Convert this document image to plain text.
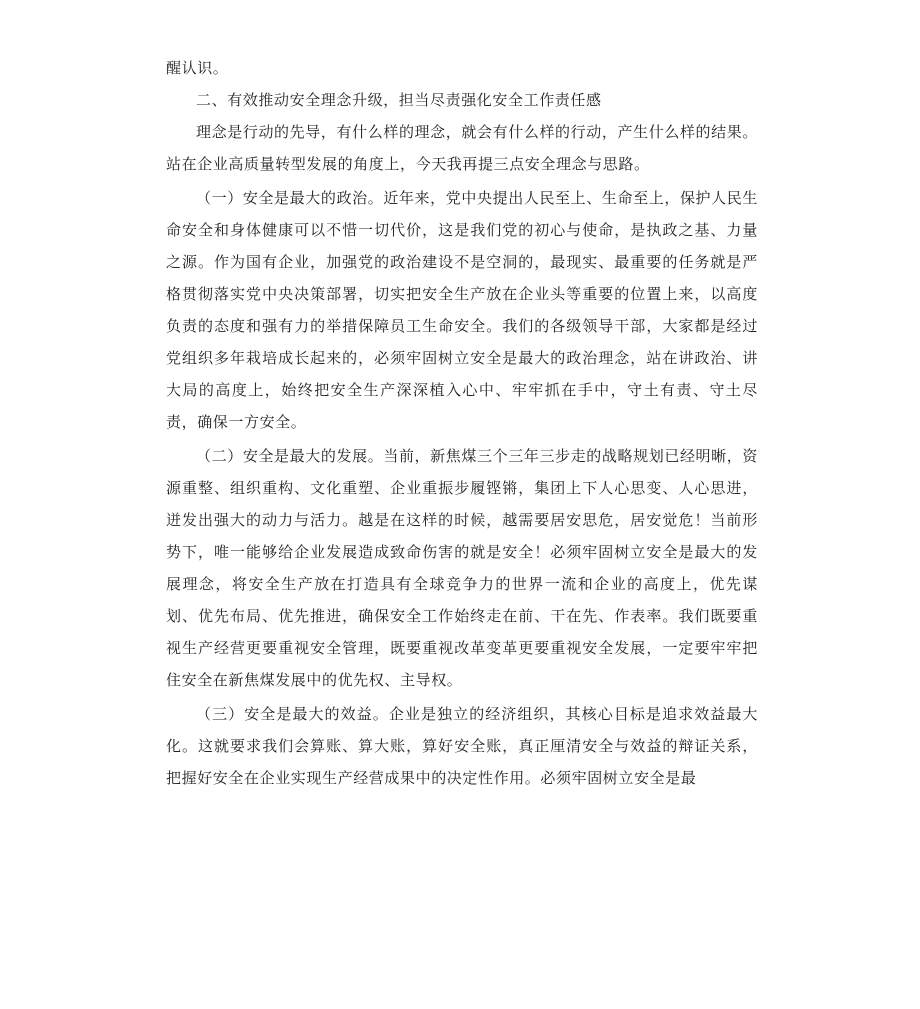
醒认识。

二、有效推动安全理念升级，担当尽责强化安全工作责任感

理念是行动的先导，有什么样的理念，就会有什么样的行动，产生什么样的结果。站在企业高质量转型发展的角度上，今天我再提三点安全理念与思路。

（一）安全是最大的政治。近年来，党中央提出人民至上、生命至上，保护人民生命安全和身体健康可以不惜一切代价，这是我们党的初心与使命，是执政之基、力量之源。作为国有企业，加强党的政治建设不是空洞的，最现实、最重要的任务就是严格贯彻落实党中央决策部署，切实把安全生产放在企业头等重要的位置上来，以高度负责的态度和强有力的举措保障员工生命安全。我们的各级领导干部，大家都是经过党组织多年栽培成长起来的，必须牢固树立安全是最大的政治理念，站在讲政治、讲大局的高度上，始终把安全生产深深植入心中、牢牢抓在手中，守土有责、守土尽责，确保一方安全。

（二）安全是最大的发展。当前，新焦煤三个三年三步走的战略规划已经明晰，资源重整、组织重构、文化重塑、企业重振步履铿锵，集团上下人心思变、人心思进，迸发出强大的动力与活力。越是在这样的时候，越需要居安思危，居安觉危！当前形势下，唯一能够给企业发展造成致命伤害的就是安全！必须牢固树立安全是最大的发展理念，将安全生产放在打造具有全球竞争力的世界一流和企业的高度上，优先谋划、优先布局、优先推进，确保安全工作始终走在前、干在先、作表率。我们既要重视生产经营更要重视安全管理，既要重视改革变革更要重视安全发展，一定要牢牢把住安全在新焦煤发展中的优先权、主导权。

（三）安全是最大的效益。企业是独立的经济组织，其核心目标是追求效益最大化。这就要求我们会算账、算大账，算好安全账，真正厘清安全与效益的辩证关系，把握好安全在企业实现生产经营成果中的决定性作用。必须牢固树立安全是最
